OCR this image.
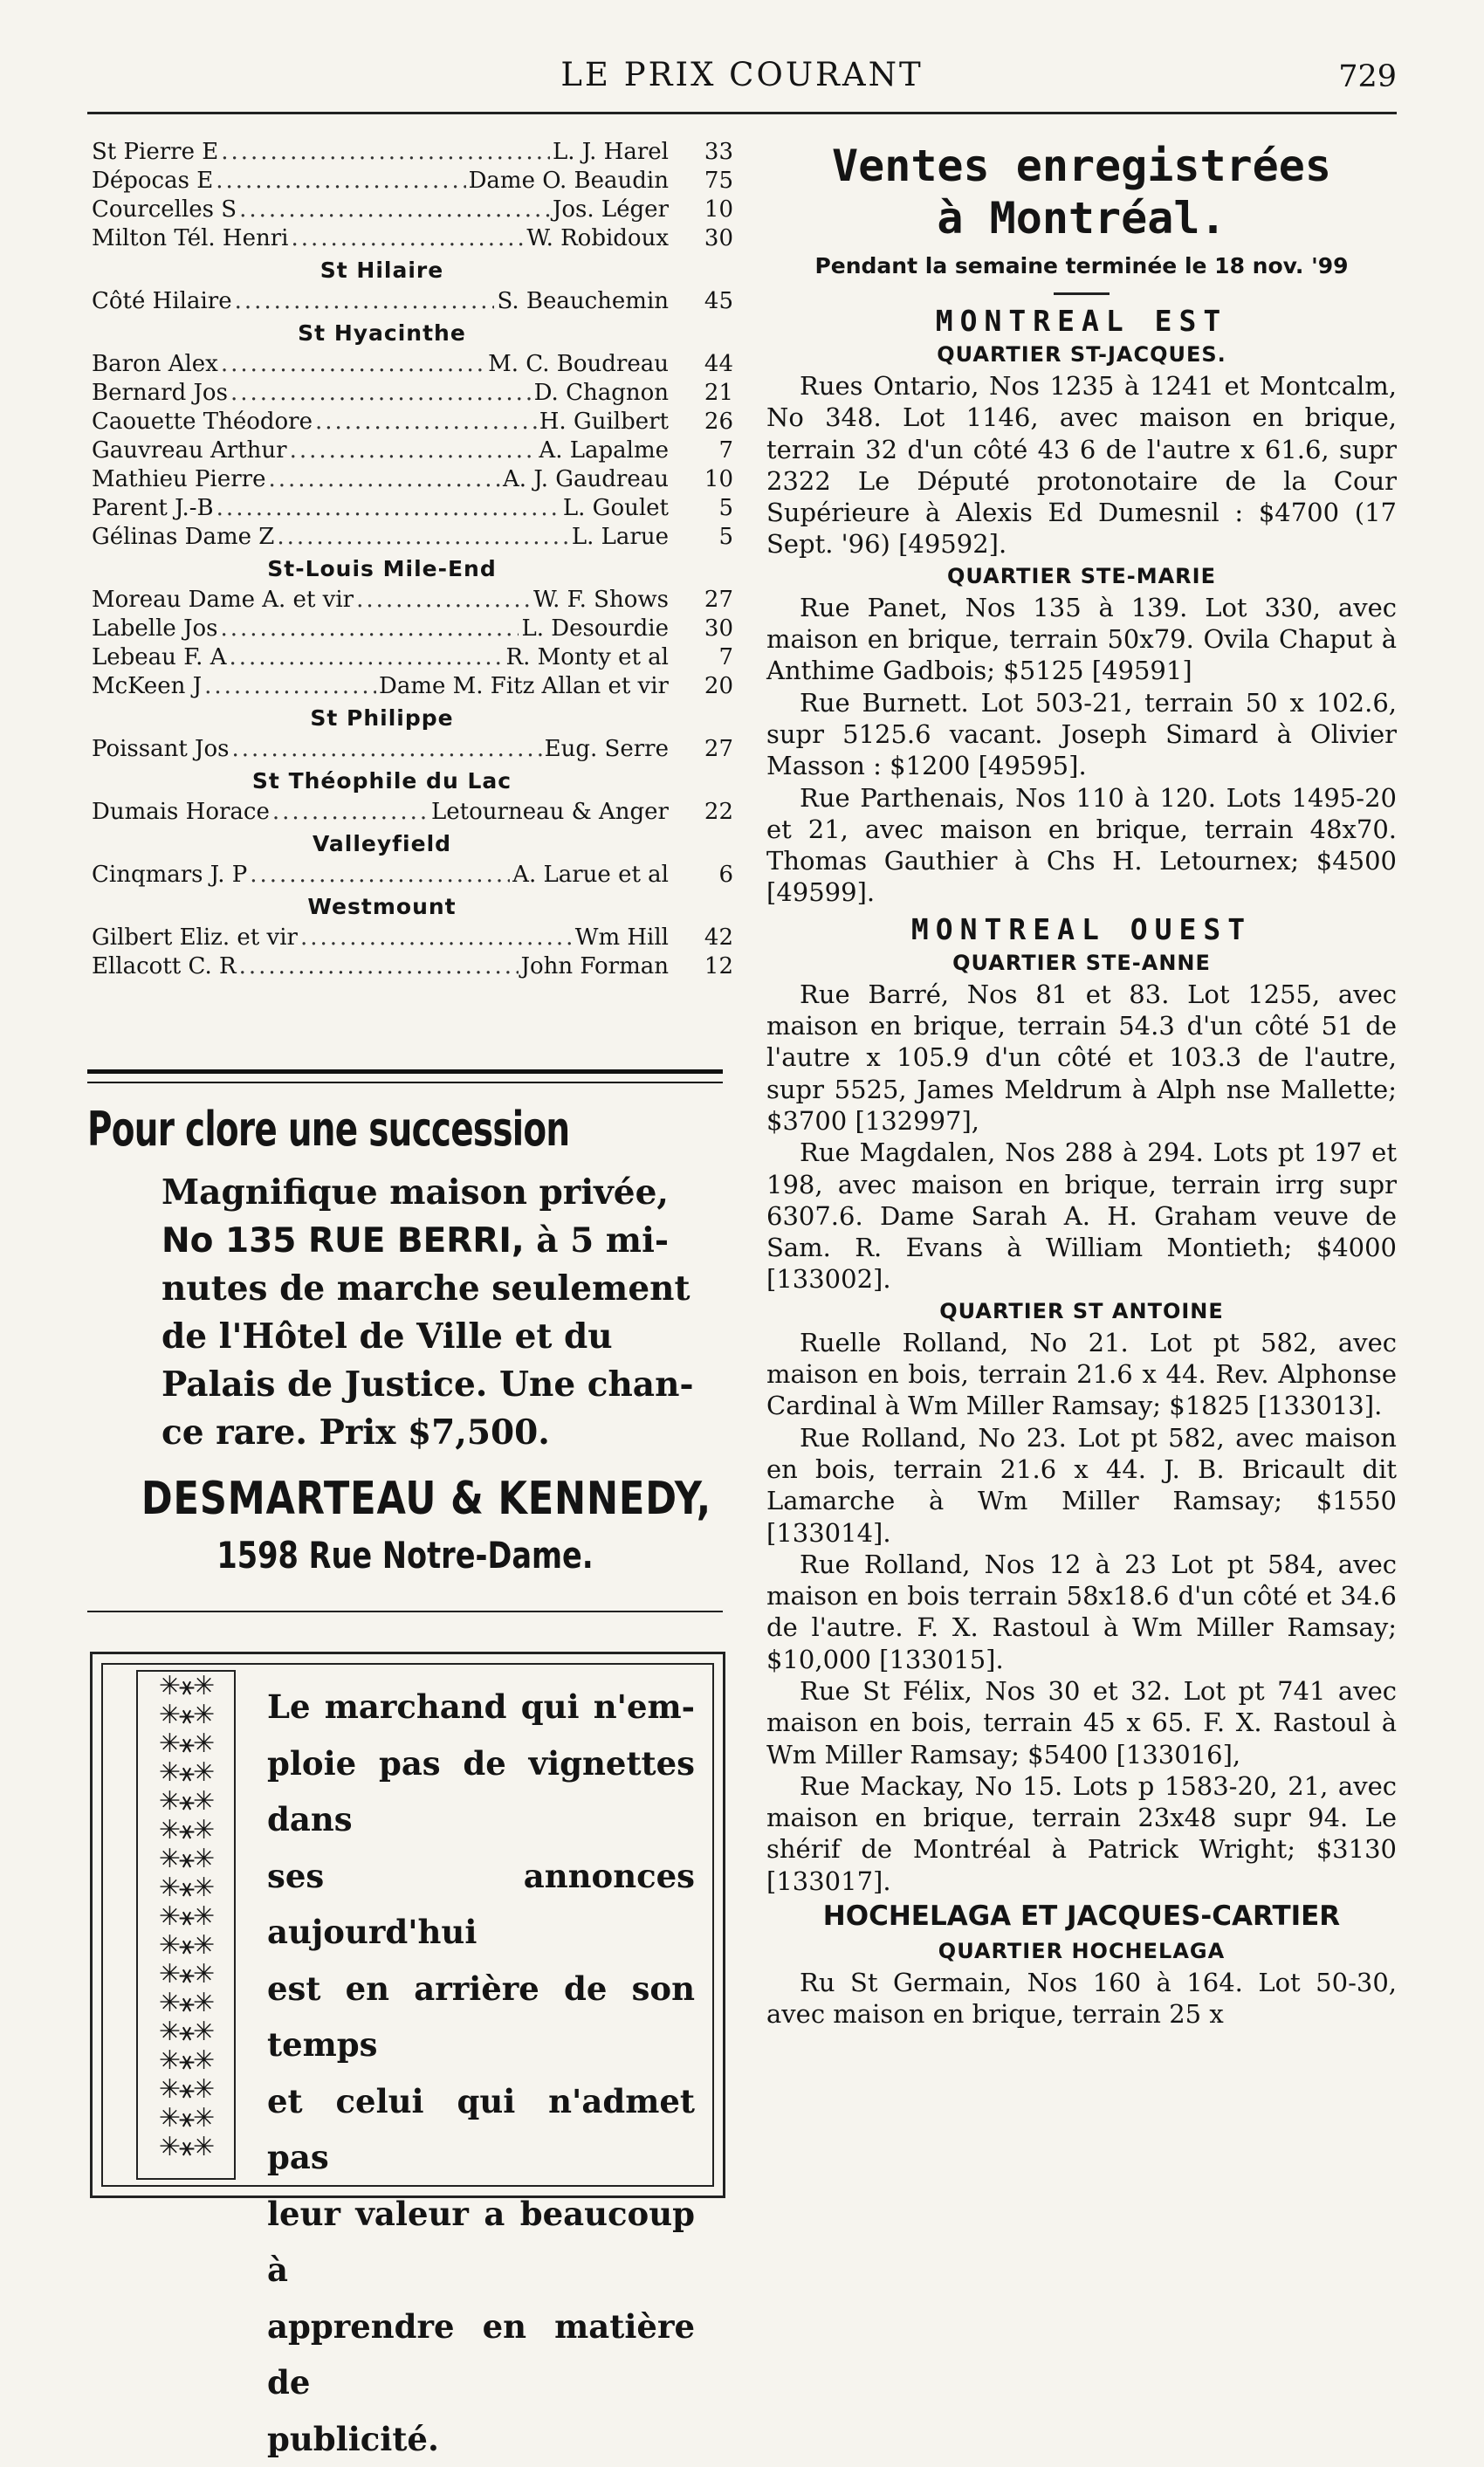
LE PRIX COURANT	729
St Pierre E .....	L. J. Harel	33
Dépocas E .....	Dame O. Beaudin	75
Courcelles S .....	Jos. Léger	10
Milton Tél. Henri .....	W. Robidoux	30
St Hilaire
Côté Hilaire .....	S. Beauchemin	45
St Hyacinthe
Baron Alex .....	M. C. Boudreau	44
Bernard Jos .....	D. Chagnon	21
Caouette Théodore .....	H. Guilbert	26
Gauvreau Arthur .....	A. Lapalme	7
Mathieu Pierre .....	A. J. Gaudreau	10
Parent J.-B .....	L. Goulet	5
Gélinas Dame Z .....	L. Larue	5
St-Louis Mile-End
Moreau Dame A. et vir .....	W. F. Shows	27
Labelle Jos .....	L. Desourdie	30
Lebeau F. A .....	R. Monty et al	7
McKeen J .....	Dame M. Fitz Allan et vir	20
St Philippe
Poissant Jos .....	Eug. Serre	27
St Théophile du Lac
Dumais Horace .....	Letourneau & Anger	22
Valleyfield
Cinqmars J. P .....	A. Larue et al	6
Westmount
Gilbert Eliz. et vir .....	Wm Hill	42
Ellacott C. R .....	John Forman	12
Pour clore une succession
Magnifique maison privée,
No 135 RUE BERRI, à 5 mi-
nutes de marche seulement
de l'Hôtel de Ville et du
Palais de Justice. Une chan-
ce rare. Prix $7,500.
DESMARTEAU & KENNEDY,
1598 Rue Notre-Dame.
✳⚹✳
✳⚹✳
✳⚹✳
✳⚹✳
✳⚹✳
✳⚹✳
✳⚹✳
✳⚹✳
✳⚹✳
✳⚹✳
✳⚹✳
✳⚹✳
✳⚹✳
✳⚹✳
✳⚹✳
✳⚹✳
✳⚹✳
Le marchand qui n'em-
ploie pas de vignettes dans
ses annonces aujourd'hui
est en arrière de son temps
et celui qui n'admet pas
leur valeur a beaucoup à
apprendre en matière de
publicité.
Ventes enregistrées
à Montréal.
Pendant la semaine terminée le 18 nov. '99
MONTREAL EST
QUARTIER ST-JACQUES.

Rues Ontario, Nos 1235 à 1241 et Montcalm, No 348. Lot 1146, avec maison en brique, terrain 32 d'un côté 43 6 de l'autre x 61.6, supr 2322 Le Député protonotaire de la Cour Supérieure à Alexis Ed Dumesnil : $4700 (17 Sept. '96) [49592].

QUARTIER STE-MARIE

Rue Panet, Nos 135 à 139. Lot 330, avec maison en brique, terrain 50x79. Ovila Chaput à Anthime Gadbois; $5125 [49591]

Rue Burnett. Lot 503-21, terrain 50 x 102.6, supr 5125.6 vacant. Joseph Simard à Olivier Masson : $1200 [49595].

Rue Parthenais, Nos 110 à 120. Lots 1495-20 et 21, avec maison en brique, terrain 48x70. Thomas Gauthier à Chs H. Letournex; $4500 [49599].

MONTREAL OUEST
QUARTIER STE-ANNE

Rue Barré, Nos 81 et 83. Lot 1255, avec maison en brique, terrain 54.3 d'un côté 51 de l'autre x 105.9 d'un côté et 103.3 de l'autre, supr 5525, James Meldrum à Alph nse Mallette; $3700 [132997],

Rue Magdalen, Nos 288 à 294. Lots pt 197 et 198, avec maison en brique, terrain irrg supr 6307.6. Dame Sarah A. H. Graham veuve de Sam. R. Evans à William Montieth; $4000 [133002].

QUARTIER ST ANTOINE

Ruelle Rolland, No 21. Lot pt 582, avec maison en bois, terrain 21.6 x 44. Rev. Alphonse Cardinal à Wm Miller Ramsay; $1825 [133013].

Rue Rolland, No 23. Lot pt 582, avec maison en bois, terrain 21.6 x 44. J. B. Bricault dit Lamarche à Wm Miller Ramsay; $1550 [133014].

Rue Rolland, Nos 12 à 23 Lot pt 584, avec maison en bois terrain 58x18.6 d'un côté et 34.6 de l'autre. F. X. Rastoul à Wm Miller Ramsay; $10,000 [133015].

Rue St Félix, Nos 30 et 32. Lot pt 741 avec maison en bois, terrain 45 x 65. F. X. Rastoul à Wm Miller Ramsay; $5400 [133016],

Rue Mackay, No 15. Lots p 1583-20, 21, avec maison en brique, terrain 23x48 supr 94. Le shérif de Montréal à Patrick Wright; $3130 [133017].

HOCHELAGA ET JACQUES-CARTIER
QUARTIER HOCHELAGA

Ru St Germain, Nos 160 à 164. Lot 50-30, avec maison en brique, terrain 25 x
